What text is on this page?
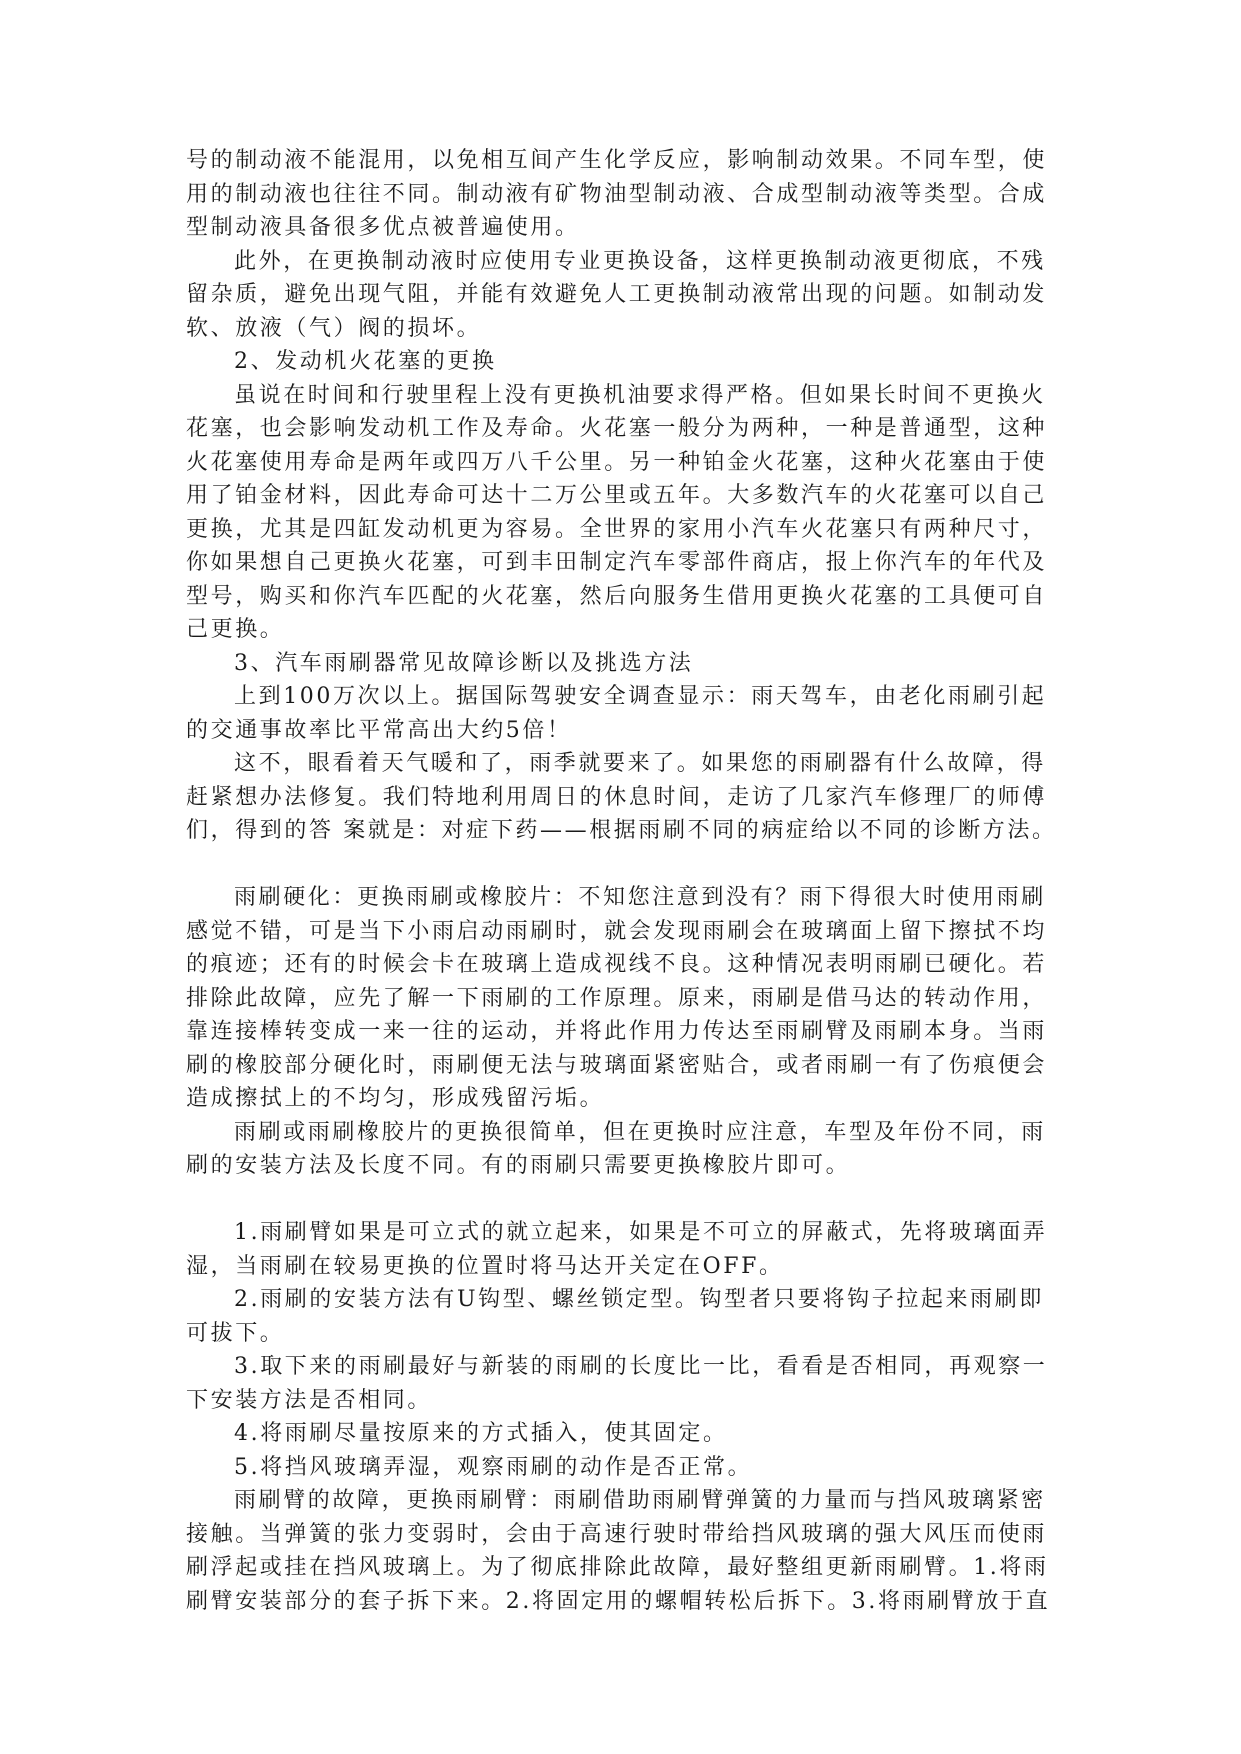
号的制动液不能混用，以免相互间产生化学反应，影响制动效果。不同车型，使
用的制动液也往往不同。制动液有矿物油型制动液、合成型制动液等类型。合成
型制动液具备很多优点被普遍使用。
此外，在更换制动液时应使用专业更换设备，这样更换制动液更彻底，不残
留杂质，避免出现气阻，并能有效避免人工更换制动液常出现的问题。如制动发
软、放液（气）阀的损坏。
2、发动机火花塞的更换
虽说在时间和行驶里程上没有更换机油要求得严格。但如果长时间不更换火
花塞，也会影响发动机工作及寿命。火花塞一般分为两种，一种是普通型，这种
火花塞使用寿命是两年或四万八千公里。另一种铂金火花塞，这种火花塞由于使
用了铂金材料，因此寿命可达十二万公里或五年。大多数汽车的火花塞可以自己
更换，尤其是四缸发动机更为容易。全世界的家用小汽车火花塞只有两种尺寸，
你如果想自己更换火花塞，可到丰田制定汽车零部件商店，报上你汽车的年代及
型号，购买和你汽车匹配的火花塞，然后向服务生借用更换火花塞的工具便可自
己更换。
3、汽车雨刷器常见故障诊断以及挑选方法
上到100万次以上。据国际驾驶安全调查显示：雨天驾车，由老化雨刷引起
的交通事故率比平常高出大约5倍！
这不，眼看着天气暖和了，雨季就要来了。如果您的雨刷器有什么故障，得
赶紧想办法修复。我们特地利用周日的休息时间，走访了几家汽车修理厂的师傅
们，得到的答 案就是：对症下药——根据雨刷不同的病症给以不同的诊断方法。
雨刷硬化：更换雨刷或橡胶片：不知您注意到没有？雨下得很大时使用雨刷
感觉不错，可是当下小雨启动雨刷时，就会发现雨刷会在玻璃面上留下擦拭不均
的痕迹；还有的时候会卡在玻璃上造成视线不良。这种情况表明雨刷已硬化。若
排除此故障，应先了解一下雨刷的工作原理。原来，雨刷是借马达的转动作用，
靠连接棒转变成一来一往的运动，并将此作用力传达至雨刷臂及雨刷本身。当雨
刷的橡胶部分硬化时，雨刷便无法与玻璃面紧密贴合，或者雨刷一有了伤痕便会
造成擦拭上的不均匀，形成残留污垢。
雨刷或雨刷橡胶片的更换很简单，但在更换时应注意，车型及年份不同，雨
刷的安装方法及长度不同。有的雨刷只需要更换橡胶片即可。
1.雨刷臂如果是可立式的就立起来，如果是不可立的屏蔽式，先将玻璃面弄
湿，当雨刷在较易更换的位置时将马达开关定在OFF。
2.雨刷的安装方法有U钩型、螺丝锁定型。钩型者只要将钩子拉起来雨刷即
可拔下。
3.取下来的雨刷最好与新装的雨刷的长度比一比，看看是否相同，再观察一
下安装方法是否相同。
4.将雨刷尽量按原来的方式插入，使其固定。
5.将挡风玻璃弄湿，观察雨刷的动作是否正常。
雨刷臂的故障，更换雨刷臂：雨刷借助雨刷臂弹簧的力量而与挡风玻璃紧密
接触。当弹簧的张力变弱时，会由于高速行驶时带给挡风玻璃的强大风压而使雨
刷浮起或挂在挡风玻璃上。为了彻底排除此故障，最好整组更新雨刷臂。1.将雨
刷臂安装部分的套子拆下来。2.将固定用的螺帽转松后拆下。3.将雨刷臂放于直
